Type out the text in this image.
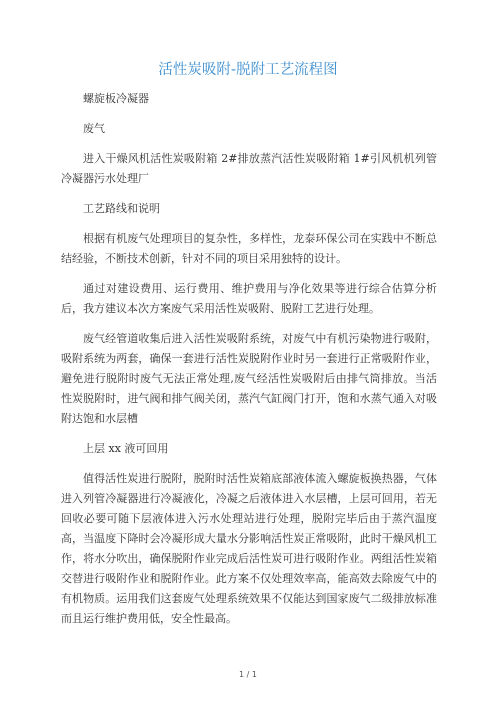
活性炭吸附-脱附工艺流程图

螺旋板冷凝器

废气

进入干燥风机活性炭吸附箱 2#排放蒸汽活性炭吸附箱 1#引风机机列管冷凝器污水处理厂

工艺路线和说明

根据有机废气处理项目的复杂性，多样性，龙泰环保公司在实践中不断总结经验，不断技术创新，针对不同的项目采用独特的设计。

通过对建设费用、运行费用、维护费用与净化效果等进行综合估算分析后，我方建议本次方案废气采用活性炭吸附、脱附工艺进行处理。

废气经管道收集后进入活性炭吸附系统，对废气中有机污染物进行吸附，吸附系统为两套，确保一套进行活性炭脱附作业时另一套进行正常吸附作业，避免进行脱附时废气无法正常处理,废气经活性炭吸附后由排气筒排放。当活性炭脱附时，进气阀和排气阀关闭，蒸汽气缸阀门打开，饱和水蒸气通入对吸附达饱和水层槽

上层 xx 液可回用

值得活性炭进行脱附，脱附时活性炭箱底部液体流入螺旋板换热器，气体进入列管冷凝器进行冷凝液化，冷凝之后液体进入水层槽，上层可回用，若无回收必要可随下层液体进入污水处理站进行处理，脱附完毕后由于蒸汽温度高，当温度下降时会冷凝形成大量水分影响活性炭正常吸附，此时干燥风机工作，将水分吹出，确保脱附作业完成后活性炭可进行吸附作业。两组活性炭箱交替进行吸附作业和脱附作业。此方案不仅处理效率高，能高效去除废气中的有机物质。运用我们这套废气处理系统效果不仅能达到国家废气二级排放标准而且运行维护费用低，安全性最高。

1 / 1
